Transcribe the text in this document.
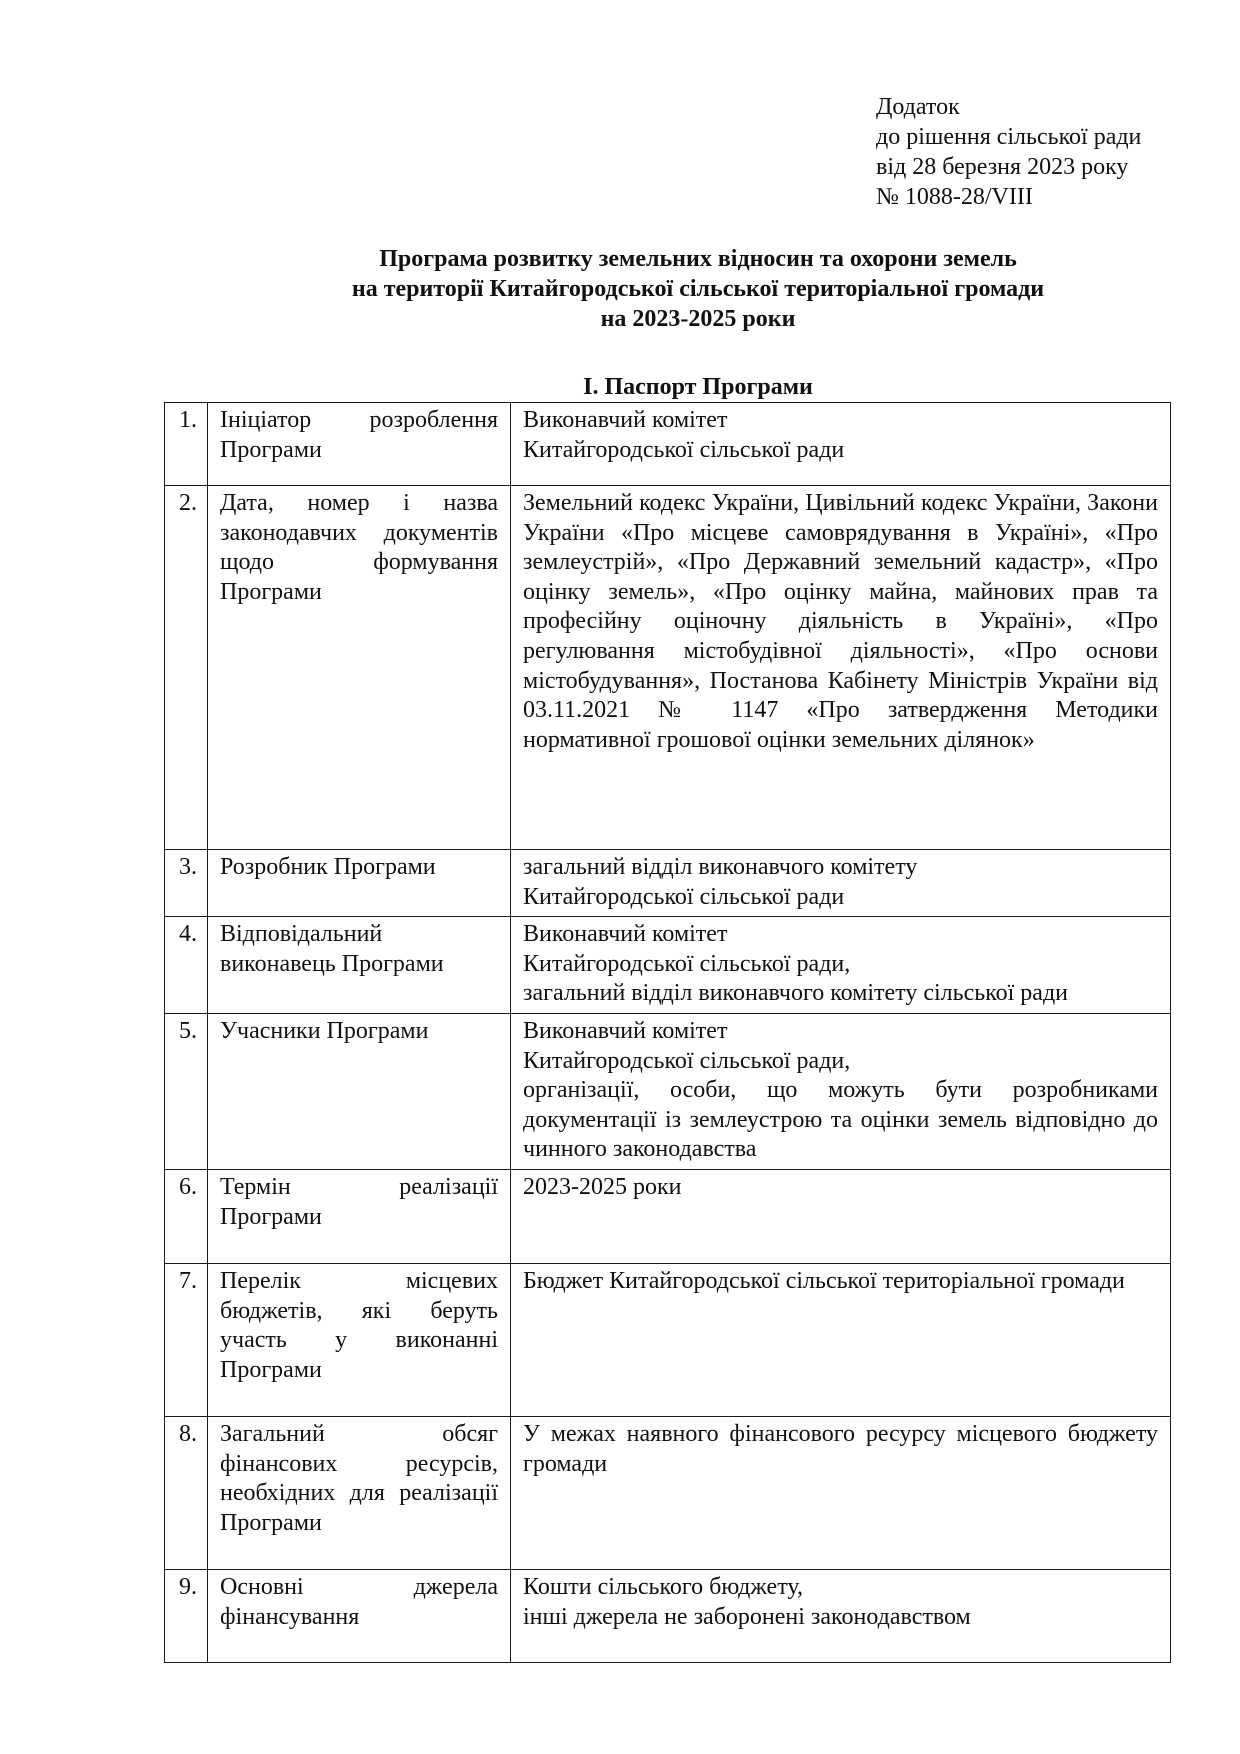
Додаток
до рішення сільської ради
від 28 березня 2023 року
№ 1088-28/VIII
Програма розвитку земельних відносин та охорони земель
на території Китайгородської сільської територіальної громади
на 2023-2025 роки
І. Паспорт Програми
1.	Ініціатор розроблення Програми	Виконавчий комітет
Китайгородської сільської ради
2.	Дата, номер і назва законодавчих документів щодо формування Програми	Земельний кодекс України, Цивільний кодекс України, Закони України «Про місцеве самоврядування в Україні», «Про землеустрій», «Про Державний земельний кадастр», «Про оцінку земель», «Про оцінку майна, майнових прав та професійну оціночну діяльність в Україні», «Про регулювання містобудівної діяльності», «Про основи містобудування», Постанова Кабінету Міністрів України від 03.11.2021 № 1147 «Про затвердження Методики нормативної грошової оцінки земельних ділянок»
3.	Розробник Програми	загальний відділ виконавчого комітету
Китайгородської сільської ради
4.	Відповідальний виконавець Програми	Виконавчий комітет
Китайгородської сільської ради,
загальний відділ виконавчого комітету сільської ради
5.	Учасники Програми	Виконавчий комітет
Китайгородської сільської ради,
організації, особи, що можуть бути розробниками документації із землеустрою та оцінки земель відповідно до чинного законодавства
6.	Термін реалізації Програми	2023-2025 роки
7.	Перелік місцевих бюджетів, які беруть участь у виконанні Програми	Бюджет Китайгородської сільської територіальної громади
8.	Загальний обсяг фінансових ресурсів, необхідних для реалізації Програми	У межах наявного фінансового ресурсу місцевого бюджету громади
9.	Основні джерела фінансування	Кошти сільського бюджету,
інші джерела не заборонені законодавством
